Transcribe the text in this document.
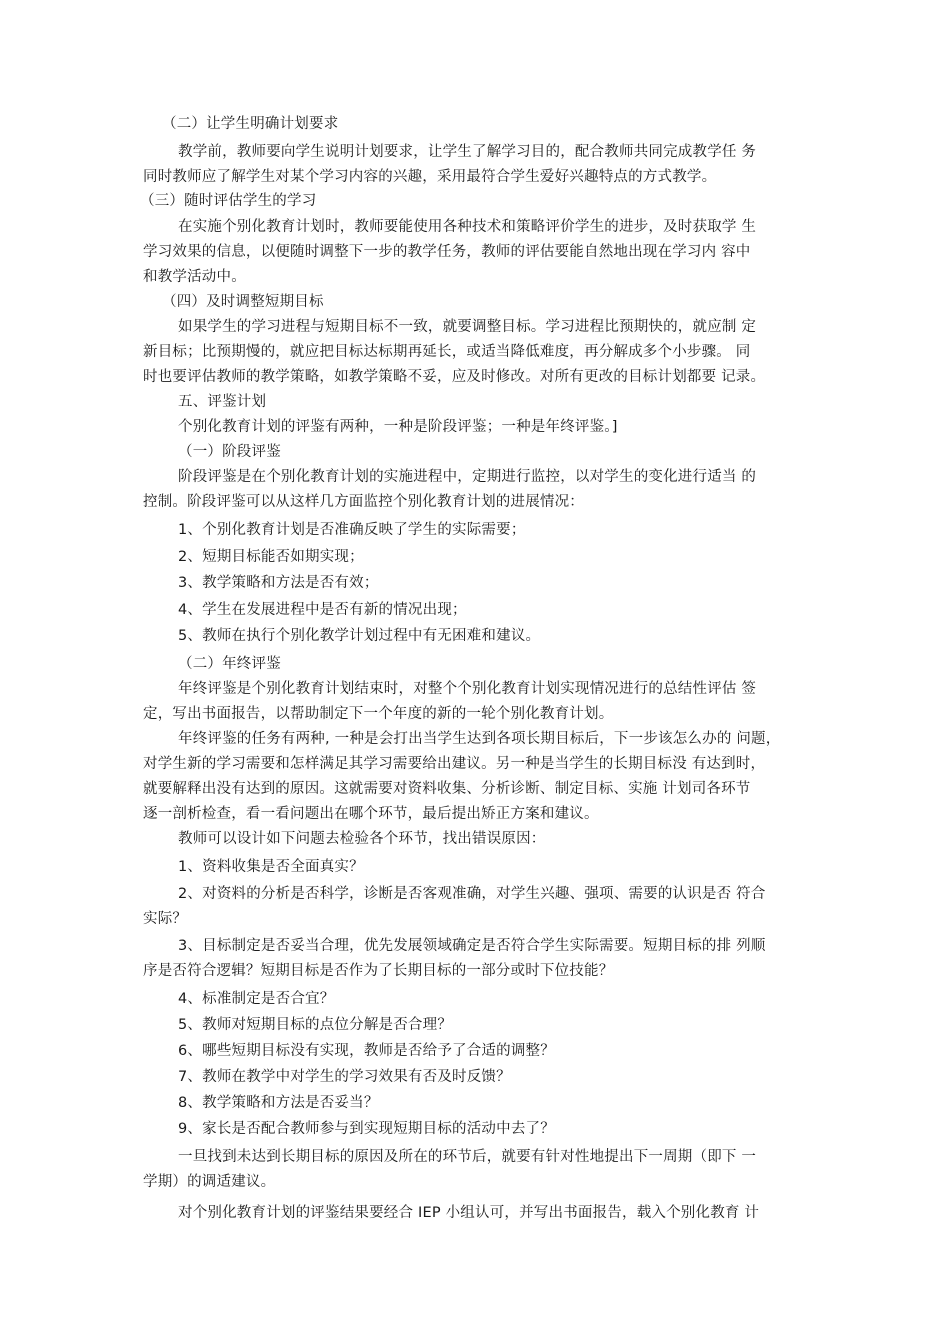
（二）让学生明确计划要求
教学前，教师要向学生说明计划要求，让学生了解学习目的，配合教师共同完成教学任 务
同时教师应了解学生对某个学习内容的兴趣，采用最符合学生爱好兴趣特点的方式教学。
（三）随时评估学生的学习
在实施个别化教育计划时，教师要能使用各种技术和策略评价学生的进步，及时获取学 生
学习效果的信息，以便随时调整下一步的教学任务，教师的评估要能自然地出现在学习内 容中
和教学活动中。
（四）及时调整短期目标
如果学生的学习进程与短期目标不一致，就要调整目标。学习进程比预期快的，就应制 定
新目标；比预期慢的，就应把目标达标期再延长，或适当降低难度，再分解成多个小步骤。 同
时也要评估教师的教学策略，如教学策略不妥，应及时修改。对所有更改的目标计划都要 记录。
五、评鉴计划
个别化教育计划的评鉴有两种，一种是阶段评鉴；一种是年终评鉴。]
（一）阶段评鉴
阶段评鉴是在个别化教育计划的实施进程中，定期进行监控，以对学生的变化进行适当 的
控制。阶段评鉴可以从这样几方面监控个别化教育计划的进展情况：
1、个别化教育计划是否准确反映了学生的实际需要；
2、短期目标能否如期实现；
3、教学策略和方法是否有效；
4、学生在发展进程中是否有新的情况出现；
5、教师在执行个别化教学计划过程中有无困难和建议。
（二）年终评鉴
年终评鉴是个别化教育计划结束时，对整个个别化教育计划实现情况进行的总结性评估 签
定，写出书面报告，以帮助制定下一个年度的新的一轮个别化教育计划。
年终评鉴的任务有两种, 一种是会打出当学生达到各项长期目标后，下一步该怎么办的 问题，
对学生新的学习需要和怎样满足其学习需要给出建议。另一种是当学生的长期目标没 有达到时，
就要解释出没有达到的原因。这就需要对资料收集、分析诊断、制定目标、实施 计划司各环节
逐一剖析检查，看一看问题出在哪个环节，最后提出矫正方案和建议。
教师可以设计如下问题去检验各个环节，找出错误原因：
1、资料收集是否全面真实？
2、对资料的分析是否科学，诊断是否客观准确，对学生兴趣、强项、需要的认识是否 符合
实际？
3、目标制定是否妥当合理，优先发展领域确定是否符合学生实际需要。短期目标的排 列顺
序是否符合逻辑？短期目标是否作为了长期目标的一部分或时下位技能？
4、标准制定是否合宜？
5、教师对短期目标的点位分解是否合理？
6、哪些短期目标没有实现，教师是否给予了合适的调整？
7、教师在教学中对学生的学习效果有否及时反馈？
8、教学策略和方法是否妥当？
9、家长是否配合教师参与到实现短期目标的活动中去了？
一旦找到未达到长期目标的原因及所在的环节后，就要有针对性地提出下一周期（即下 一
学期）的调适建议。
对个别化教育计划的评鉴结果要经合 IEP 小组认可，并写出书面报告，载入个别化教育 计
